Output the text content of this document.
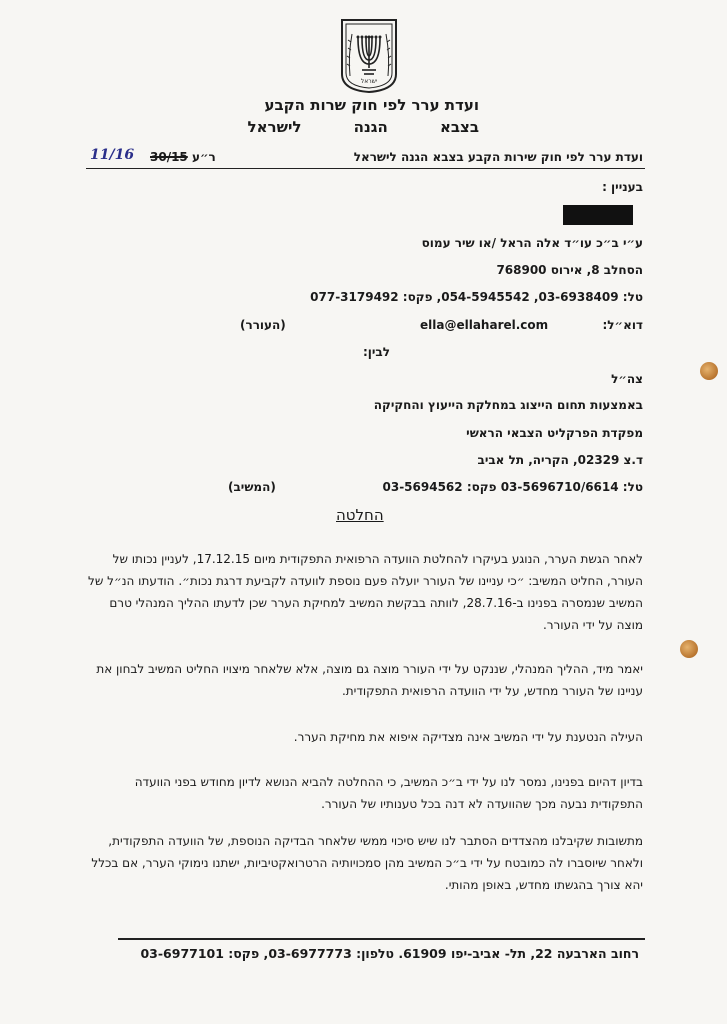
ישראל
ועדת ערר לפי חוק שרות הקבע
בצבא          הגנה          לישראל
ועדת ערר לפי חוק שירות הקבע בצבא הגנה לישראל
30/15 ר״ע
11/16
בעניין :
ע״י ב״כ עו״ד אלה הראל /או שיר עמוס
הסחלב 8, אירוס 768900
טל: 03-6938409, 054-5945542, פקס: 077-3179492
דוא״ל:
ella@ellaharel.com
(העורר)
לבין:
צה״ל
באמצעות תחום הייצוג במחלקת הייעוץ והחקיקה
מפקדת הפרקליט הצבאי הראשי
ד.צ 02329, הקריה, תל אביב
טל: 03-5696710/6614 פקס: 03-5694562
(המשיב)
החלטה
לאחר הגשת הערר, הנוגע בעיקרו להחלטת הוועדה הרפואית התפקודית מיום 17.12.15, לעניין נכותו של העורר, החליט המשיב: ״כי עניינו של העורר יועלה פעם נוספת לוועדה לקביעת דרגת נכות״. הודעתו הנ״ל של המשיב שנמסרה בפנינו ב-28.7.16, לוותה בבקשת המשיב למחיקת הערר שכן לדעתו ההליך המנהלי טרם מוצה על ידי העורר.
יאמר מיד, ההליך המנהלי, שננקט על ידי העורר מוצה גם מוצה, אלא שלאחר מיצויו החליט המשיב לבחון את עניינו של העורר מחדש, על ידי הוועדה הרפואית התפקודית.
העילה הנטענת על ידי המשיב אינה מצדיקה איפוא את מחיקת הערר.
בדיון דהיום בפנינו, נמסר לנו על ידי ב״כ המשיב, כי ההחלטה להביא הנושא לדיון מחודש בפני הוועדה התפקודית נבעה מכך שהוועדה לא דנה בכל טענותיו של העורר.
מתשובות שקיבלנו מהצדדים הסתבר לנו שיש סיכוי ממשי שלאחר הבדיקה הנוספת, של הוועדה התפקודית, ולאחר שיוסברו לה כמובטח על ידי ב״כ המשיב מהן סמכויותיה הרטרואקטיביות, ישתנו נימוקי הערר, אם בכלל יהא צורך בהגשתו מחדש, באופן מהותי.
רחוב הארבעה 22, תל- אביב-יפו 61909. טלפון: 03-6977773, פקס: 03-6977101
